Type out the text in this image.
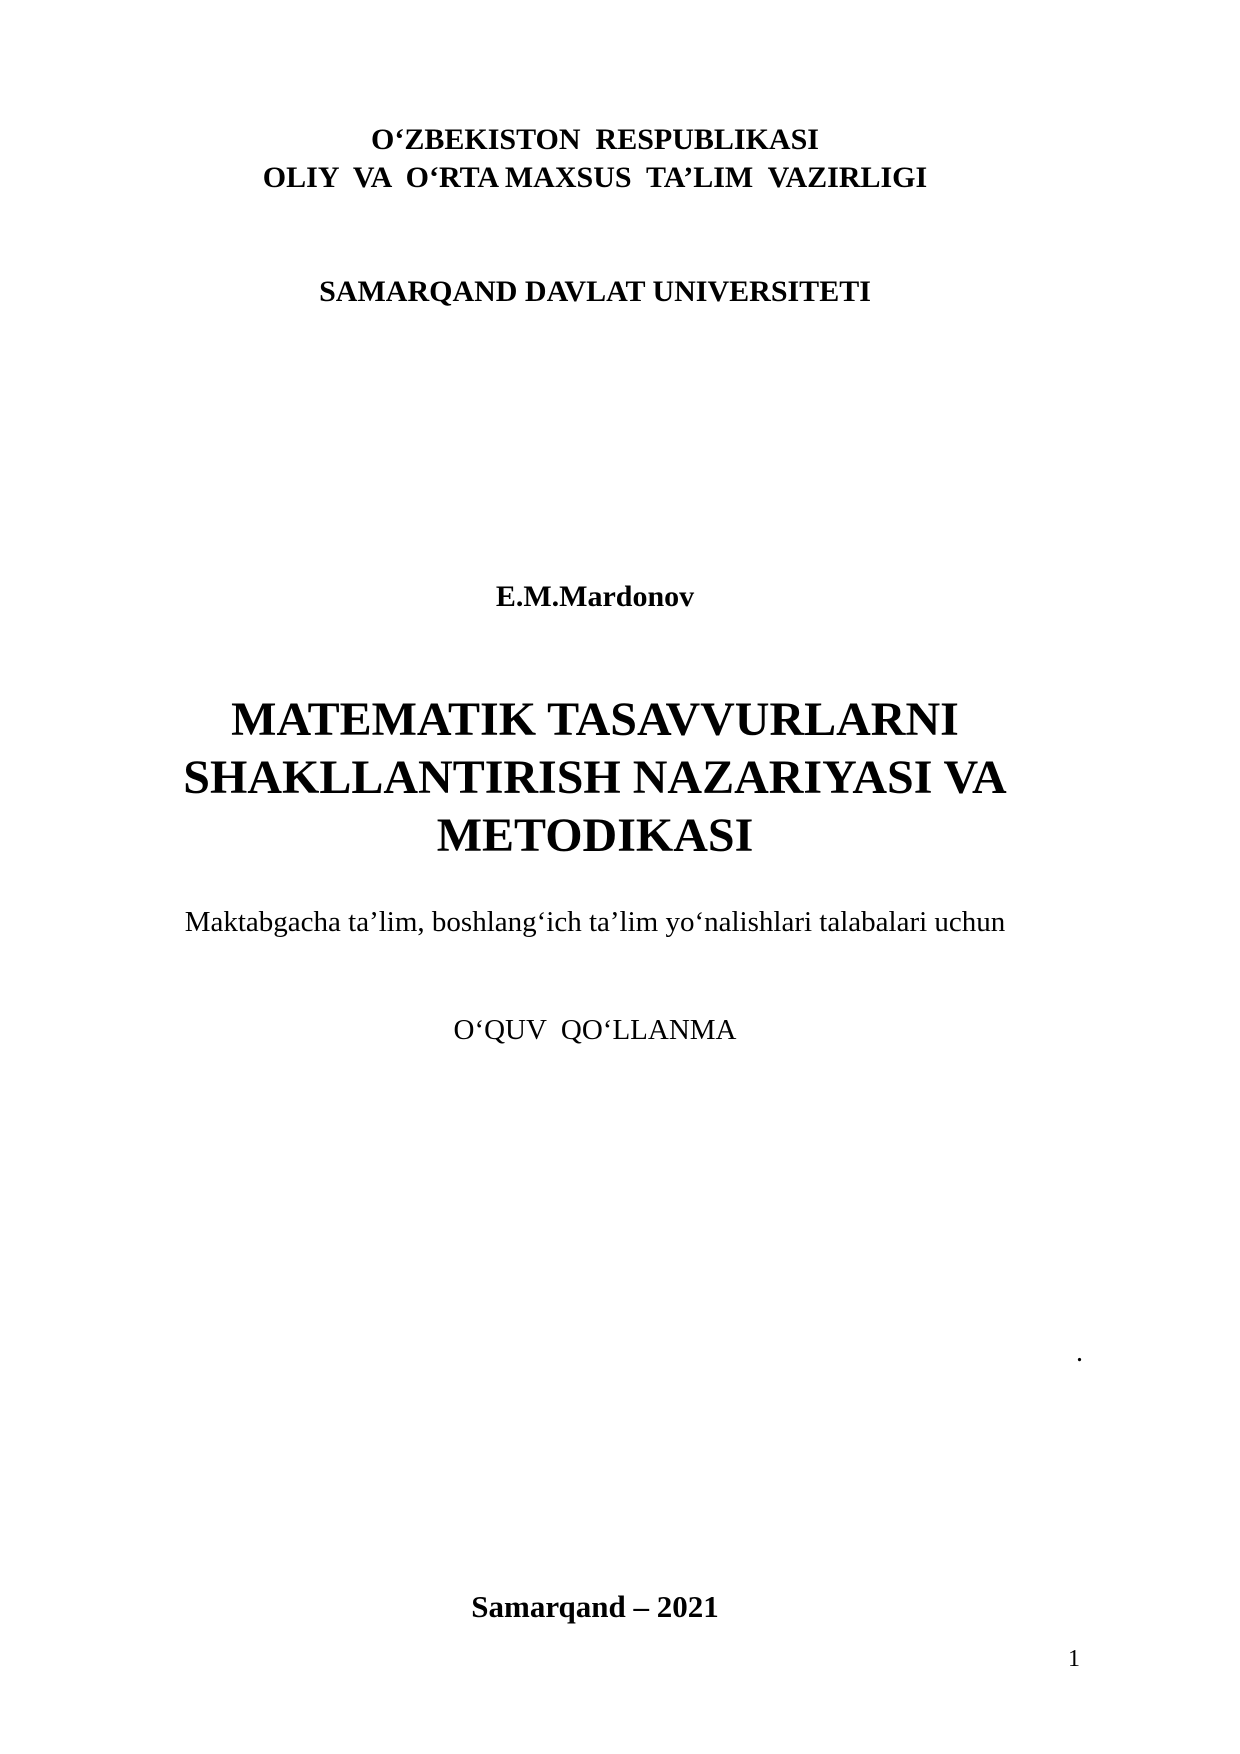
O‘ZBEKISTON  RESPUBLIKASI

OLIY  VA  O‘RTA MAXSUS  TA’LIM  VAZIRLIGI

SAMARQAND DAVLAT UNIVERSITETI

E.M.Mardonov

MATEMATIK TASAVVURLARNI

SHAKLLANTIRISH NAZARIYASI VA

METODIKASI

Maktabgacha ta’lim, boshlang‘ich ta’lim yo‘nalishlari talabalari uchun

O‘QUV  QO‘LLANMA

.

Samarqand – 2021

1
